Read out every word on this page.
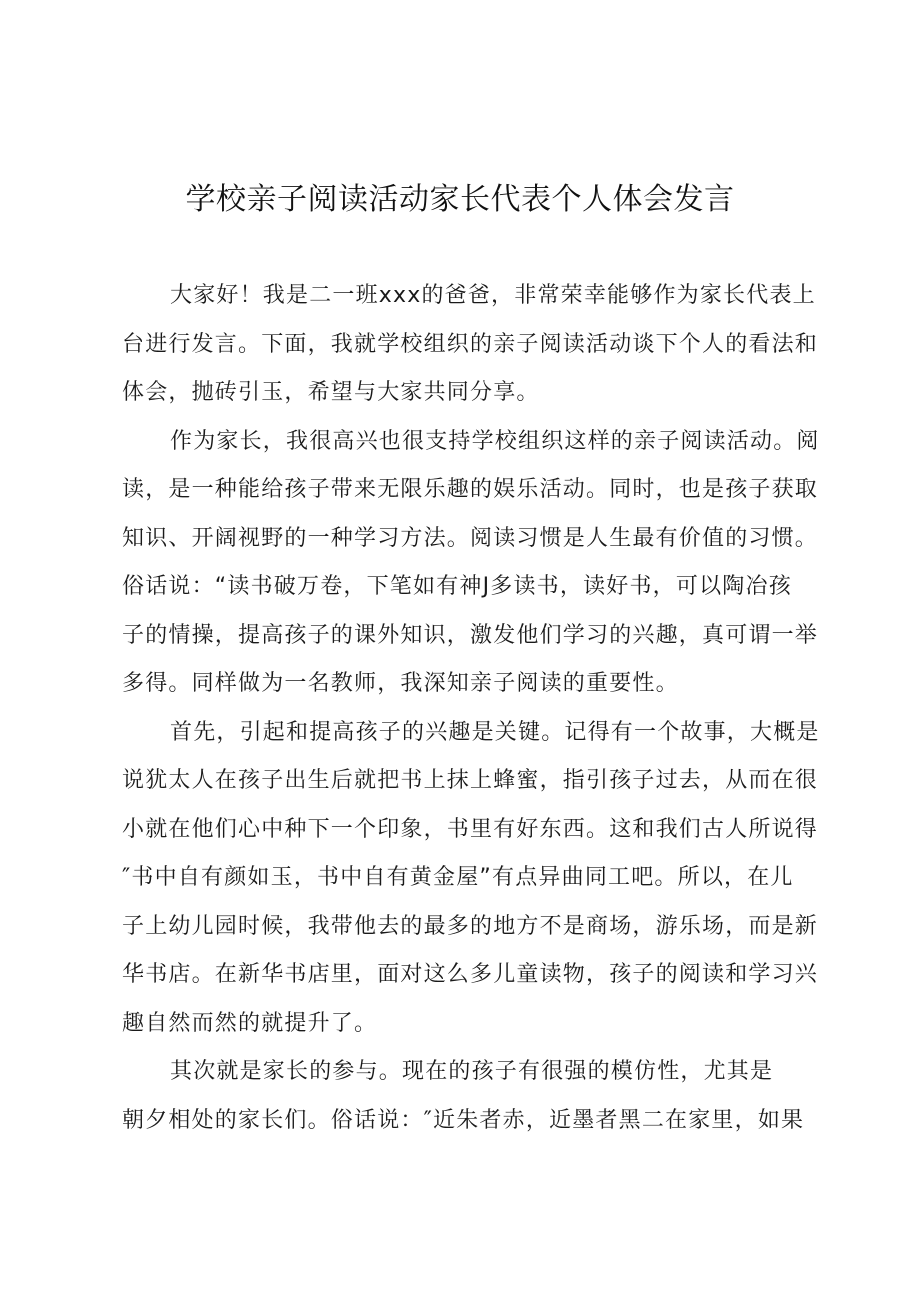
学校亲子阅读活动家长代表个人体会发言
大家好！我是二一班xxx的爸爸，非常荣幸能够作为家长代表上
台进行发言。下面，我就学校组织的亲子阅读活动谈下个人的看法和
体会，抛砖引玉，希望与大家共同分享。
作为家长，我很高兴也很支持学校组织这样的亲子阅读活动。阅
读，是一种能给孩子带来无限乐趣的娱乐活动。同时，也是孩子获取
知识、开阔视野的一种学习方法。阅读习惯是人生最有价值的习惯。
俗话说：“读书破万卷，下笔如有神J多读书，读好书，可以陶冶孩
子的情操，提高孩子的课外知识，激发他们学习的兴趣，真可谓一举
多得。同样做为一名教师，我深知亲子阅读的重要性。
首先，引起和提高孩子的兴趣是关键。记得有一个故事，大概是
说犹太人在孩子出生后就把书上抹上蜂蜜，指引孩子过去，从而在很
小就在他们心中种下一个印象，书里有好东西。这和我们古人所说得
″书中自有颜如玉，书中自有黄金屋”有点异曲同工吧。所以，在儿
子上幼儿园时候，我带他去的最多的地方不是商场，游乐场，而是新
华书店。在新华书店里，面对这么多儿童读物，孩子的阅读和学习兴
趣自然而然的就提升了。
其次就是家长的参与。现在的孩子有很强的模仿性，尤其是
朝夕相处的家长们。俗话说：″近朱者赤，近墨者黑二在家里，如果
